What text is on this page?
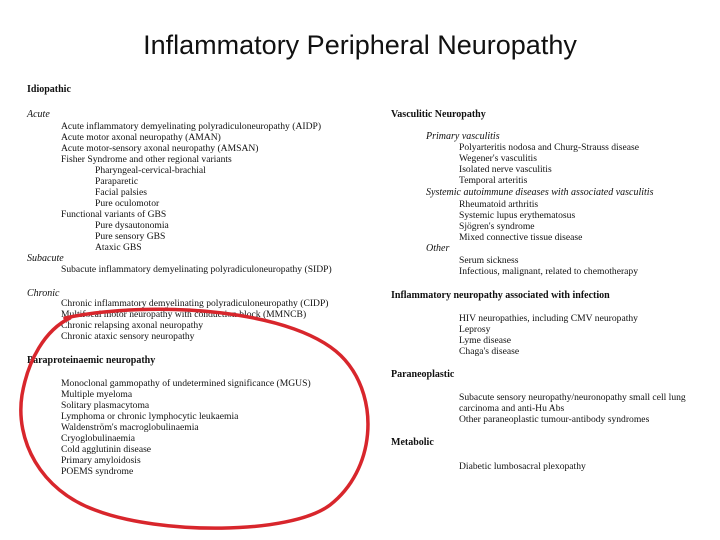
Inflammatory Peripheral Neuropathy
Idiopathic
Acute
Acute inflammatory demyelinating polyradiculoneuropathy (AIDP)
Acute motor axonal neuropathy (AMAN)
Acute motor-sensory axonal neuropathy (AMSAN)
Fisher Syndrome and other regional variants
Pharyngeal-cervical-brachial
Paraparetic
Facial palsies
Pure oculomotor
Functional variants of GBS
Pure dysautonomia
Pure sensory GBS
Ataxic GBS
Subacute
Subacute inflammatory demyelinating polyradiculoneuropathy (SIDP)
Chronic
Chronic inflammatory demyelinating polyradiculoneuropathy (CIDP)
Multifocal motor neuropathy with conduction block (MMNCB)
Chronic relapsing axonal neuropathy
Chronic ataxic sensory neuropathy
Paraproteinaemic neuropathy
Monoclonal gammopathy of undetermined significance (MGUS)
Multiple myeloma
Solitary plasmacytoma
Lymphoma or chronic lymphocytic leukaemia
Waldenström's macroglobulinaemia
Cryoglobulinaemia
Cold agglutinin disease
Primary amyloidosis
POEMS syndrome
Vasculitic Neuropathy
Primary vasculitis
Polyarteritis nodosa and Churg-Strauss disease
Wegener's vasculitis
Isolated nerve vasculitis
Temporal arteritis
Systemic autoimmune diseases with associated vasculitis
Rheumatoid arthritis
Systemic lupus erythematosus
Sjögren's syndrome
Mixed connective tissue disease
Other
Serum sickness
Infectious, malignant, related to chemotherapy
Inflammatory neuropathy associated with infection
HIV neuropathies, including CMV neuropathy
Leprosy
Lyme disease
Chaga's disease
Paraneoplastic
Subacute sensory neuropathy/neuronopathy small cell lung
carcinoma and anti-Hu Abs
Other paraneoplastic tumour-antibody syndromes
Metabolic
Diabetic lumbosacral plexopathy
